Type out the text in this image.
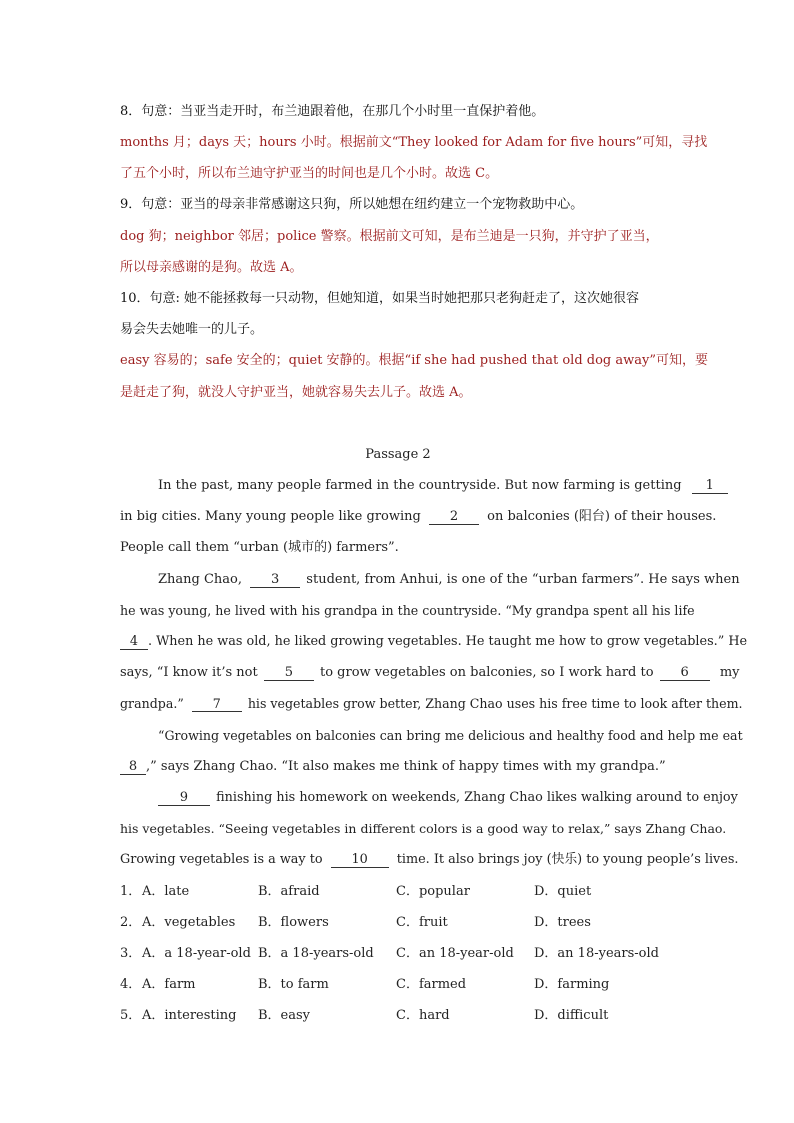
8．句意：当亚当走开时，布兰迪跟着他，在那几个小时里一直保护着他。
months 月；days 天；hours 小时。根据前文“They looked for Adam for five hours”可知，寻找
了五个小时，所以布兰迪守护亚当的时间也是几个小时。故选 C。
9．句意：亚当的母亲非常感谢这只狗，所以她想在纽约建立一个宠物救助中心。
dog 狗；neighbor 邻居；police 警察。根据前文可知，是布兰迪是一只狗，并守护了亚当，
所以母亲感谢的是狗。故选 A。
10．句意: 她不能拯救每一只动物，但她知道，如果当时她把那只老狗赶走了，这次她很容
易会失去她唯一的儿子。
easy 容易的；safe 安全的；quiet 安静的。根据“if she had pushed that old dog away”可知，要
是赶走了狗，就没人守护亚当，她就容易失去儿子。故选 A。
Passage 2
In the past, many people farmed in the countryside. But now farming is getting 1
in big cities. Many young people like growing 2 on balconies (阳台) of their houses.
People call them “urban (城市的) farmers”.
Zhang Chao, 3 student, from Anhui, is one of the “urban farmers”. He says when
he was young, he lived with his grandpa in the countryside. “My grandpa spent all his life
4 . When he was old, he liked growing vegetables. He taught me how to grow vegetables.” He
says, “I know it’s not 5 to grow vegetables on balconies, so I work hard to 6 my
grandpa.” 7 his vegetables grow better, Zhang Chao uses his free time to look after them.
“Growing vegetables on balconies can bring me delicious and healthy food and help me eat
8 ,” says Zhang Chao. “It also makes me think of happy times with my grandpa.”
9 finishing his homework on weekends, Zhang Chao likes walking around to enjoy
his vegetables. “Seeing vegetables in different colors is a good way to relax,” says Zhang Chao.
Growing vegetables is a way to 10 time. It also brings joy (快乐) to young people’s lives.
1． A．late	B．afraid	C．popular	D．quiet
2． A．vegetables B．flowers	C．fruit	D．trees
3． A．a 18-year-old B．a 18-years-old C．an 18-year-old D．an 18-years-old
4． A．farm	B．to farm	C．farmed	D．farming
5． A．interesting B．easy	C．hard	D．difficult
